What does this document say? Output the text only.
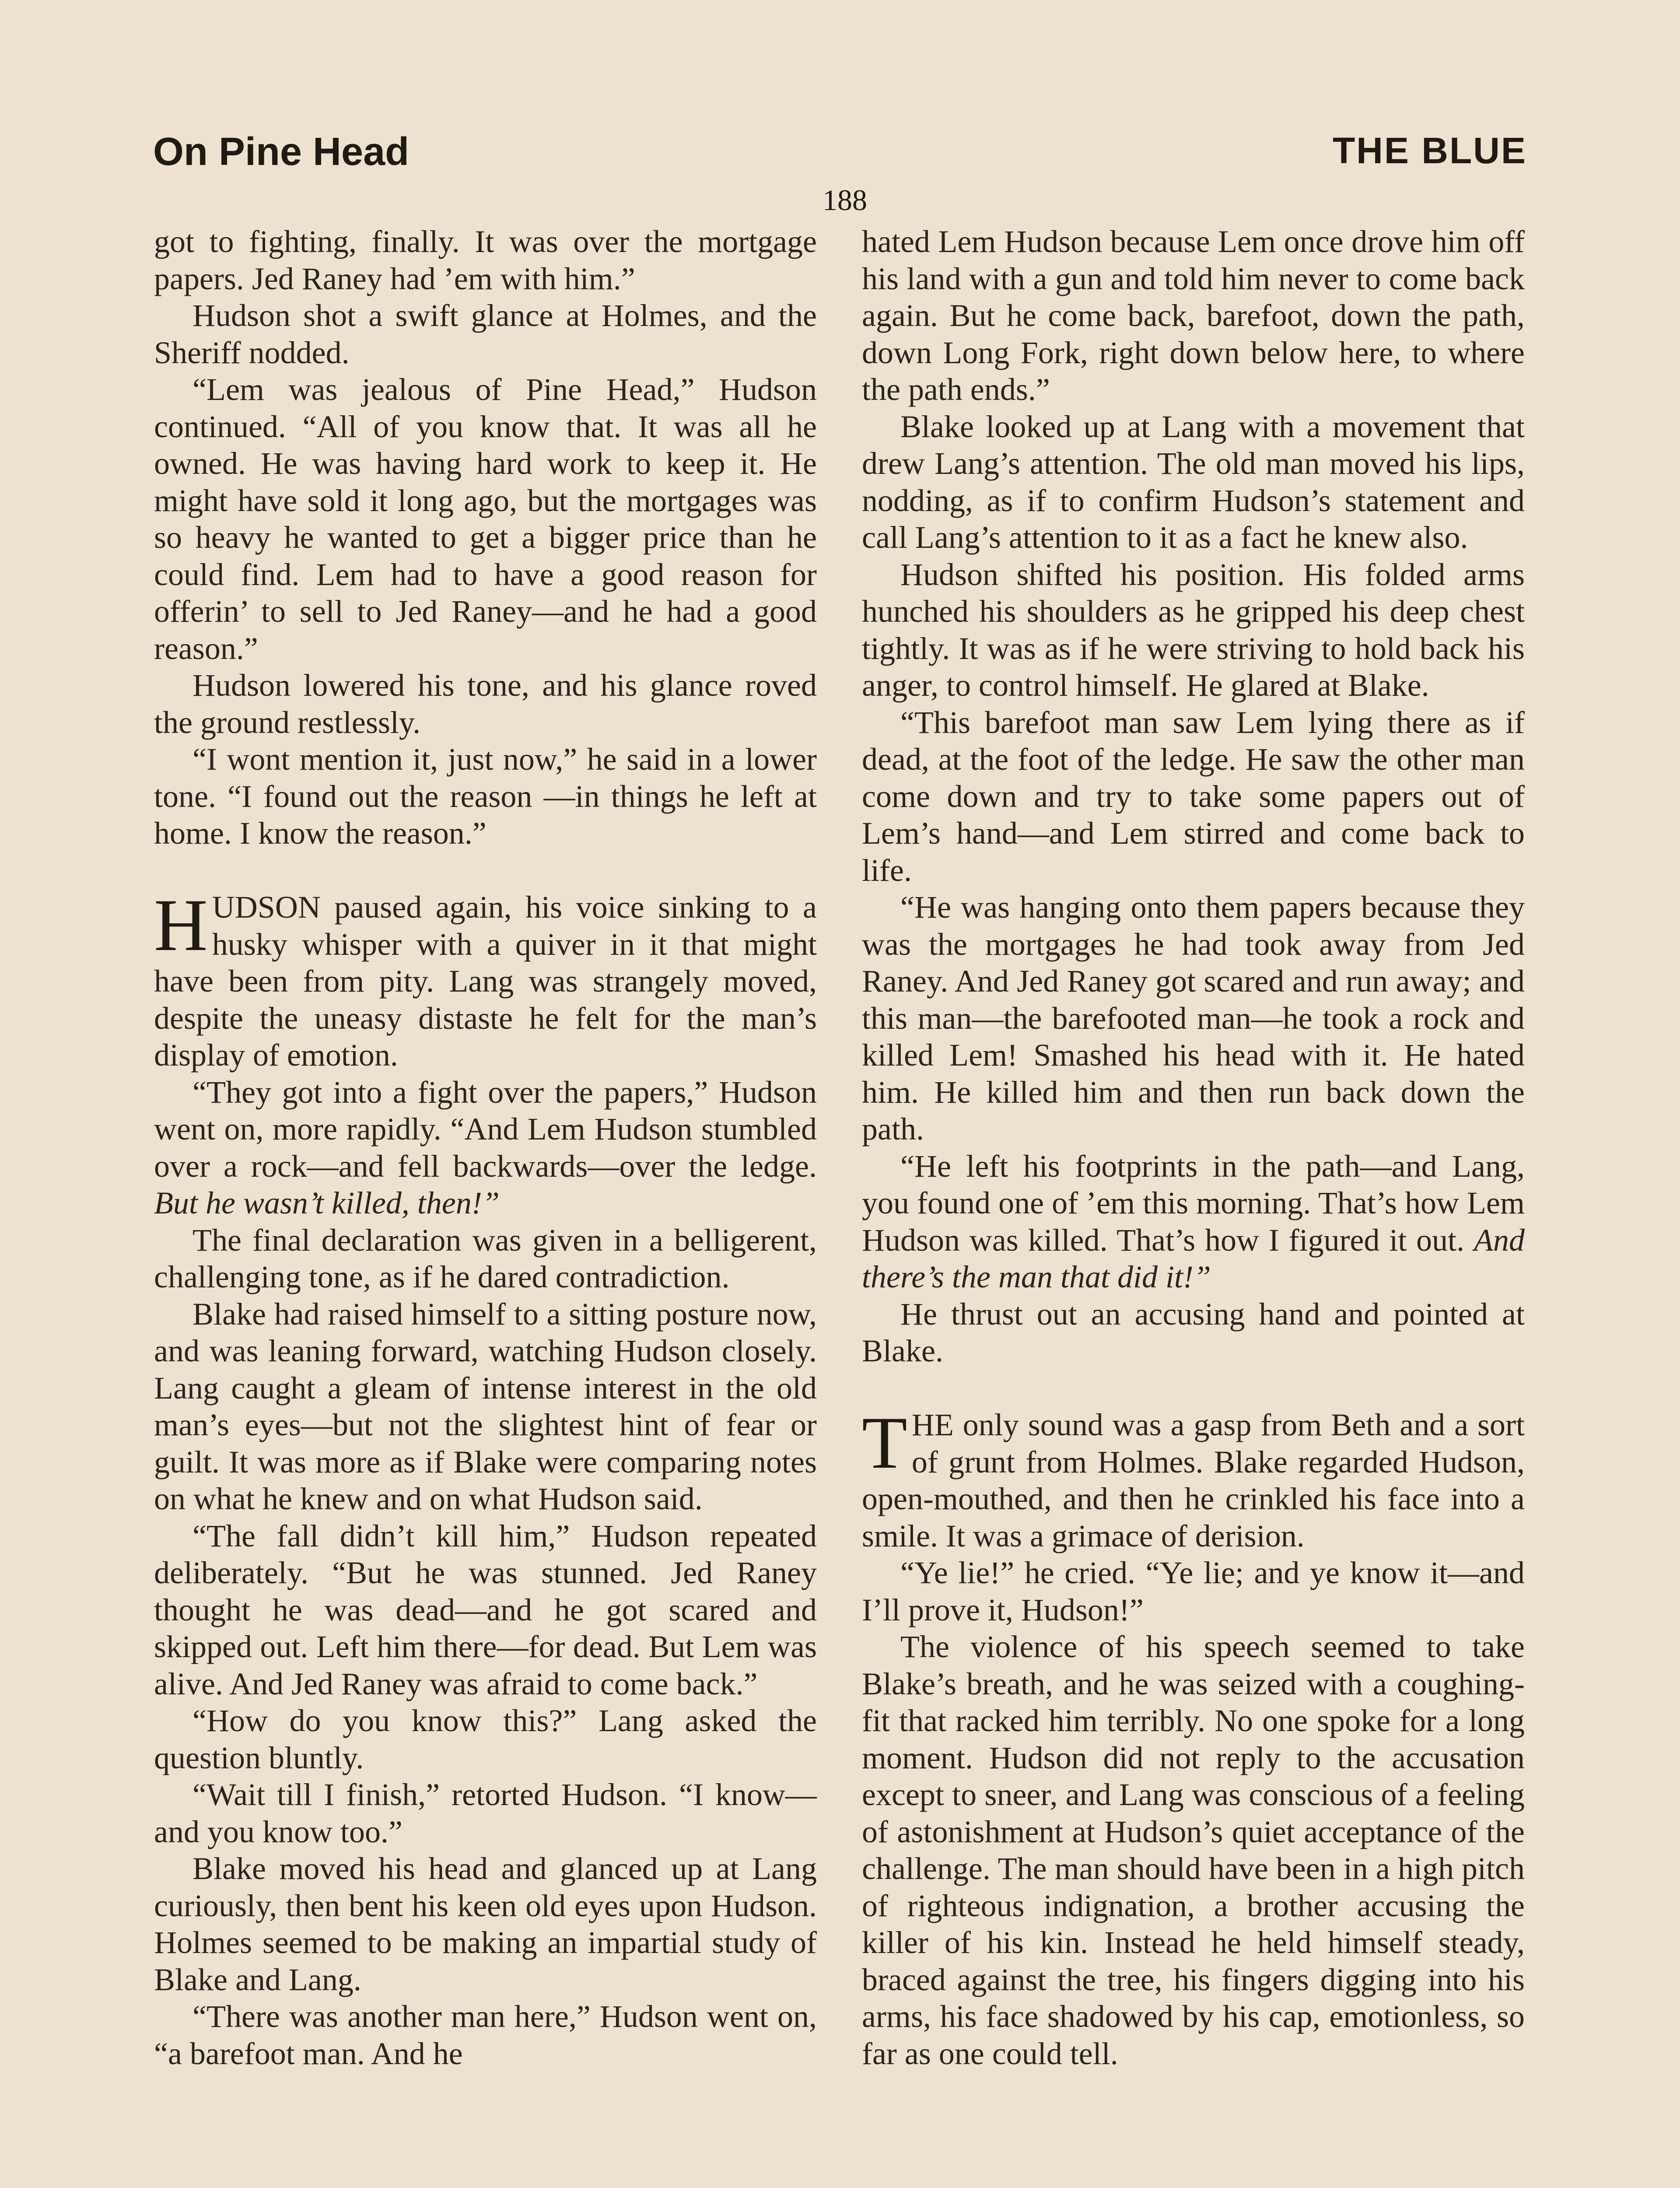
On Pine Head	THE BLUE
188

got to fighting, finally. It was over the mortgage papers. Jed Raney had ’em with him.”

Hudson shot a swift glance at Holmes, and the Sheriff nodded.

“Lem was jealous of Pine Head,” Hudson continued. “All of you know that. It was all he owned. He was having hard work to keep it. He might have sold it long ago, but the mortgages was so heavy he wanted to get a bigger price than he could find. Lem had to have a good reason for offerin’ to sell to Jed Raney—and he had a good reason.”

Hudson lowered his tone, and his glance roved the ground restlessly.

“I wont mention it, just now,” he said in a lower tone. “I found out the reason —in things he left at home. I know the reason.”

HUDSON paused again, his voice sinking to a husky whisper with a quiver in it that might have been from pity. Lang was strangely moved, despite the uneasy distaste he felt for the man’s display of emotion.

“They got into a fight over the papers,” Hudson went on, more rapidly. “And Lem Hudson stumbled over a rock—and fell backwards—over the ledge. But he wasn’t killed, then!”

The final declaration was given in a belligerent, challenging tone, as if he dared contradiction.

Blake had raised himself to a sitting posture now, and was leaning forward, watching Hudson closely. Lang caught a gleam of intense interest in the old man’s eyes—but not the slightest hint of fear or guilt. It was more as if Blake were comparing notes on what he knew and on what Hudson said.

“The fall didn’t kill him,” Hudson repeated deliberately. “But he was stunned. Jed Raney thought he was dead—and he got scared and skipped out. Left him there—for dead. But Lem was alive. And Jed Raney was afraid to come back.”

“How do you know this?” Lang asked the question bluntly.

“Wait till I finish,” retorted Hudson. “I know—and you know too.”

Blake moved his head and glanced up at Lang curiously, then bent his keen old eyes upon Hudson. Holmes seemed to be making an impartial study of Blake and Lang.

“There was another man here,” Hudson went on, “a barefoot man. And he

hated Lem Hudson because Lem once drove him off his land with a gun and told him never to come back again. But he come back, barefoot, down the path, down Long Fork, right down below here, to where the path ends.”

Blake looked up at Lang with a movement that drew Lang’s attention. The old man moved his lips, nodding, as if to confirm Hudson’s statement and call Lang’s attention to it as a fact he knew also.

Hudson shifted his position. His folded arms hunched his shoulders as he gripped his deep chest tightly. It was as if he were striving to hold back his anger, to control himself. He glared at Blake.

“This barefoot man saw Lem lying there as if dead, at the foot of the ledge. He saw the other man come down and try to take some papers out of Lem’s hand—and Lem stirred and come back to life.

“He was hanging onto them papers because they was the mortgages he had took away from Jed Raney. And Jed Raney got scared and run away; and this man—the barefooted man—he took a rock and killed Lem! Smashed his head with it. He hated him. He killed him and then run back down the path.

“He left his footprints in the path—and Lang, you found one of ’em this morning. That’s how Lem Hudson was killed. That’s how I figured it out. And there’s the man that did it!”

He thrust out an accusing hand and pointed at Blake.

THE only sound was a gasp from Beth and a sort of grunt from Holmes. Blake regarded Hudson, open-mouthed, and then he crinkled his face into a smile. It was a grimace of derision.

“Ye lie!” he cried. “Ye lie; and ye know it—and I’ll prove it, Hudson!”

The violence of his speech seemed to take Blake’s breath, and he was seized with a coughing-fit that racked him terribly. No one spoke for a long moment. Hudson did not reply to the accusation except to sneer, and Lang was conscious of a feeling of astonishment at Hudson’s quiet acceptance of the challenge. The man should have been in a high pitch of righteous indignation, a brother accusing the killer of his kin. Instead he held himself steady, braced against the tree, his fingers digging into his arms, his face shadowed by his cap, emotionless, so far as one could tell.
